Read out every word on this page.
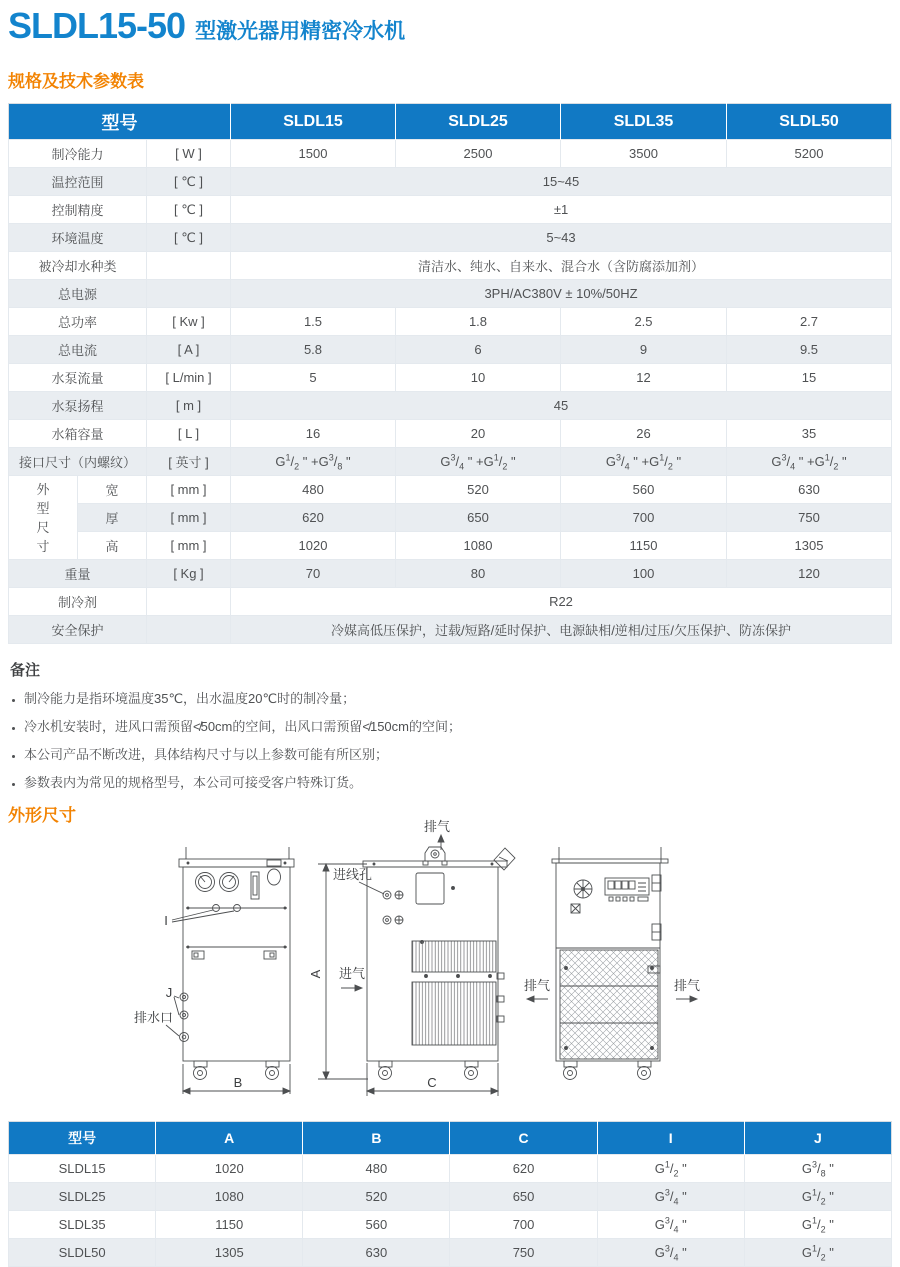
SLDL15-50 型激光器用精密冷水机
规格及技术参数表
型号			SLDL15	SLDL25	SLDL35	SLDL50
制冷能力		[ W ]	1500	2500	3500	5200
温控范围		[ ℃ ]	15~45			
控制精度		[ ℃ ]	±1			
环境温度		[ ℃ ]	5~43			
被冷却水种类			清洁水、纯水、自来水、混合水（含防腐添加剂）			
总电源			3PH/AC380V ± 10%/50HZ			
总功率		[ Kw ]	1.5	1.8	2.5	2.7
总电流		[ A ]	5.8	6	9	9.5
水泵流量		[ L/min ]	5	10	12	15
水泵扬程		[ m ]	45			
水箱容量		[ L ]	16	20	26	35
接口尺寸（内螺纹）		[ 英寸 ]	$G^1/_2$ " $+G^3/_8$ "	$G^3/_4$ " $+G^1/_2$ "	$G^3/_4$ " $+G^1/_2$ "	$G^3/_4$ " $+G^1/_2$ "
外型尺寸	宽	[ mm ]	480	520	560	630
	厚	[ mm ]	620	650	700	750
	高	[ mm ]	1020	1080	1150	1305
重量		[ Kg ]	70	80	100	120
制冷剂			R22			
安全保护			冷媒高低压保护，过载/短路/延时保护、电源缺相/逆相/过压/欠压保护、防冻保护			
备注
• 制冷能力是指环境温度35℃，出水温度20℃时的制冷量；
• 冷水机安装时，进风口需预留≮50cm的空间，出风口需预留≮150cm的空间；
• 本公司产品不断改进，具体结构尺寸与以上参数可能有所区别；
• 参数表内为常见的规格型号，本公司可接受客户特殊订货。
外形尺寸
I
J
排水口
B
排气
进线孔
进气
A
C
排气	排气
型号	A	B	C	I	J
SLDL15	1020	480	620	$G^1/_2$ "	$G^3/_8$ "
SLDL25	1080	520	650	$G^3/_4$ "	$G^1/_2$ "
SLDL35	1150	560	700	$G^3/_4$ "	$G^1/_2$ "
SLDL50	1305	630	750	$G^3/_4$ "	$G^1/_2$ "
